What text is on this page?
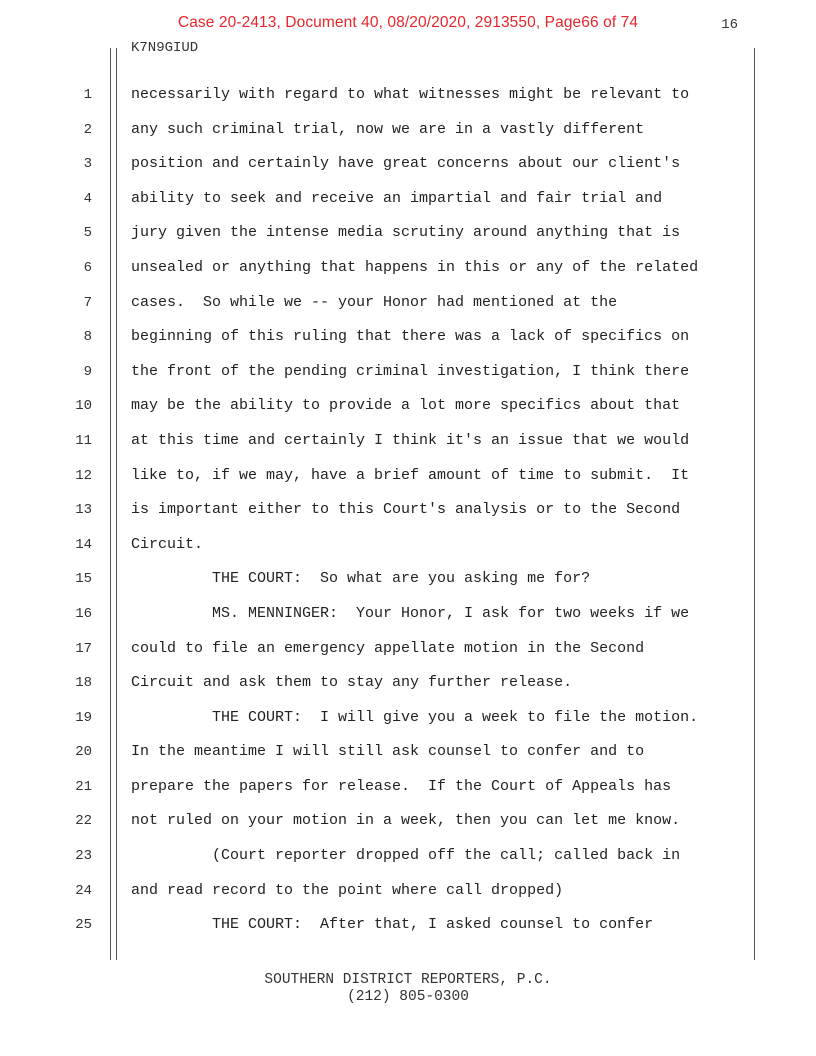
Case 20-2413, Document 40, 08/20/2020, 2913550, Page66 of 74	16
K7N9GIUD
1	necessarily with regard to what witnesses might be relevant to
2	any such criminal trial, now we are in a vastly different
3	position and certainly have great concerns about our client's
4	ability to seek and receive an impartial and fair trial and
5	jury given the intense media scrutiny around anything that is
6	unsealed or anything that happens in this or any of the related
7	cases.  So while we -- your Honor had mentioned at the
8	beginning of this ruling that there was a lack of specifics on
9	the front of the pending criminal investigation, I think there
10	may be the ability to provide a lot more specifics about that
11	at this time and certainly I think it's an issue that we would
12	like to, if we may, have a brief amount of time to submit.  It
13	is important either to this Court's analysis or to the Second
14	Circuit.
15	THE COURT:  So what are you asking me for?
16	MS. MENNINGER:  Your Honor, I ask for two weeks if we
17	could to file an emergency appellate motion in the Second
18	Circuit and ask them to stay any further release.
19	THE COURT:  I will give you a week to file the motion.
20	In the meantime I will still ask counsel to confer and to
21	prepare the papers for release.  If the Court of Appeals has
22	not ruled on your motion in a week, then you can let me know.
23	(Court reporter dropped off the call; called back in
24	and read record to the point where call dropped)
25	THE COURT:  After that, I asked counsel to confer
SOUTHERN DISTRICT REPORTERS, P.C.
(212) 805-0300
